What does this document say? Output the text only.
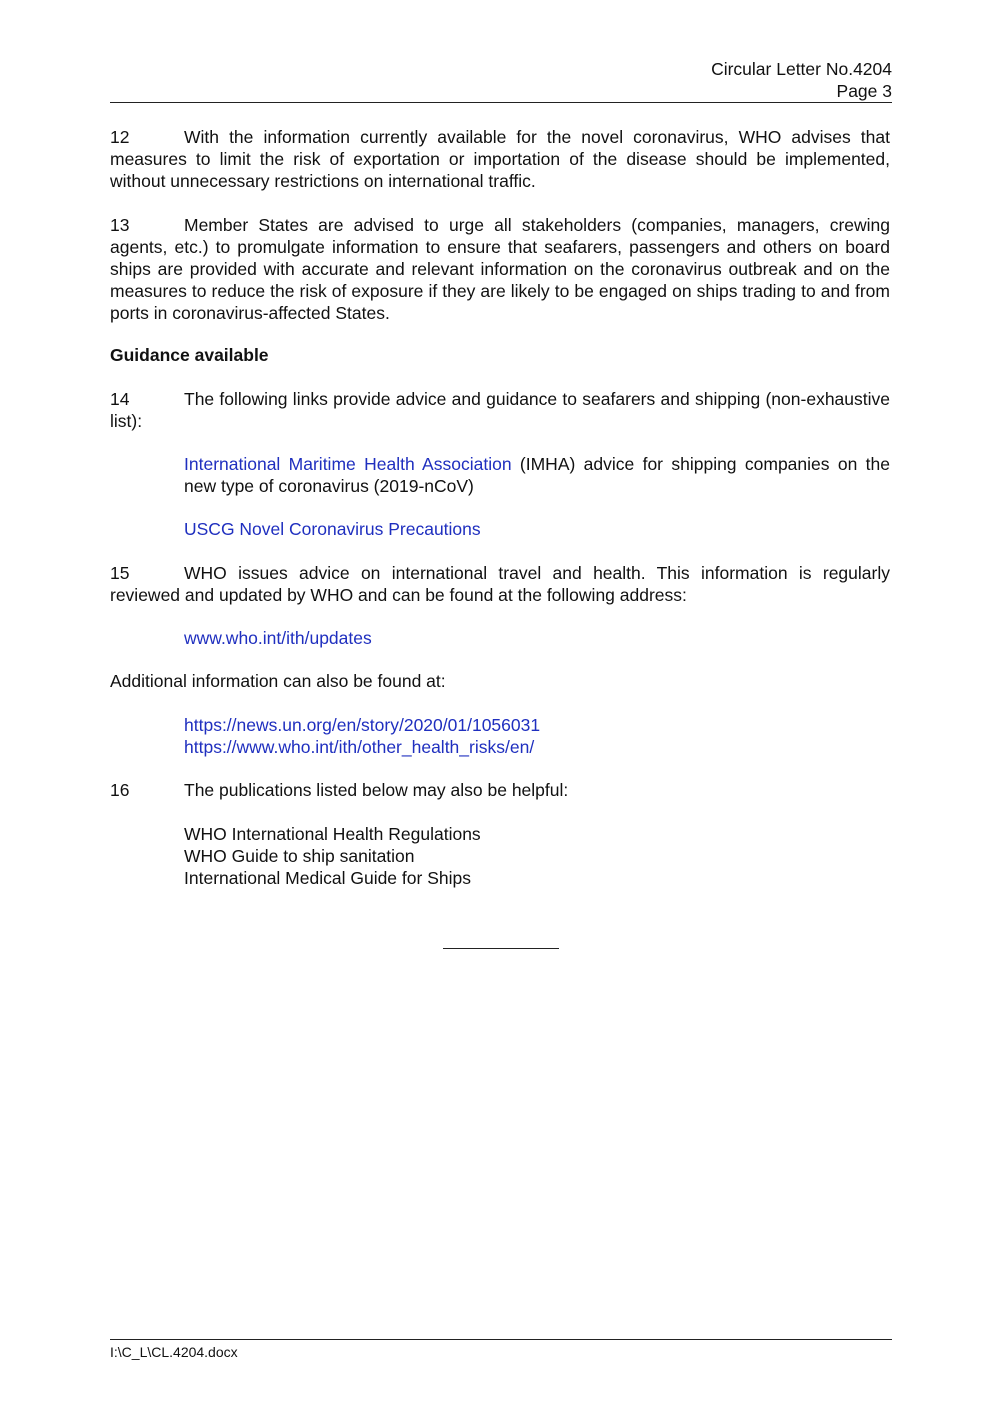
Circular Letter No.4204
Page 3
12	With the information currently available for the novel coronavirus, WHO advises that measures to limit the risk of exportation or importation of the disease should be implemented, without unnecessary restrictions on international traffic.
13	Member States are advised to urge all stakeholders (companies, managers, crewing agents, etc.) to promulgate information to ensure that seafarers, passengers and others on board ships are provided with accurate and relevant information on the coronavirus outbreak and on the measures to reduce the risk of exposure if they are likely to be engaged on ships trading to and from ports in coronavirus-affected States.
Guidance available
14	The following links provide advice and guidance to seafarers and shipping (non-exhaustive list):
International Maritime Health Association (IMHA) advice for shipping companies on the new type of coronavirus (2019-nCoV)
USCG Novel Coronavirus Precautions
15	WHO issues advice on international travel and health. This information is regularly reviewed and updated by WHO and can be found at the following address:
www.who.int/ith/updates
Additional information can also be found at:
https://news.un.org/en/story/2020/01/1056031
https://www.who.int/ith/other_health_risks/en/
16	The publications listed below may also be helpful:
WHO International Health Regulations
WHO Guide to ship sanitation
International Medical Guide for Ships
I:\C_L\CL.4204.docx
